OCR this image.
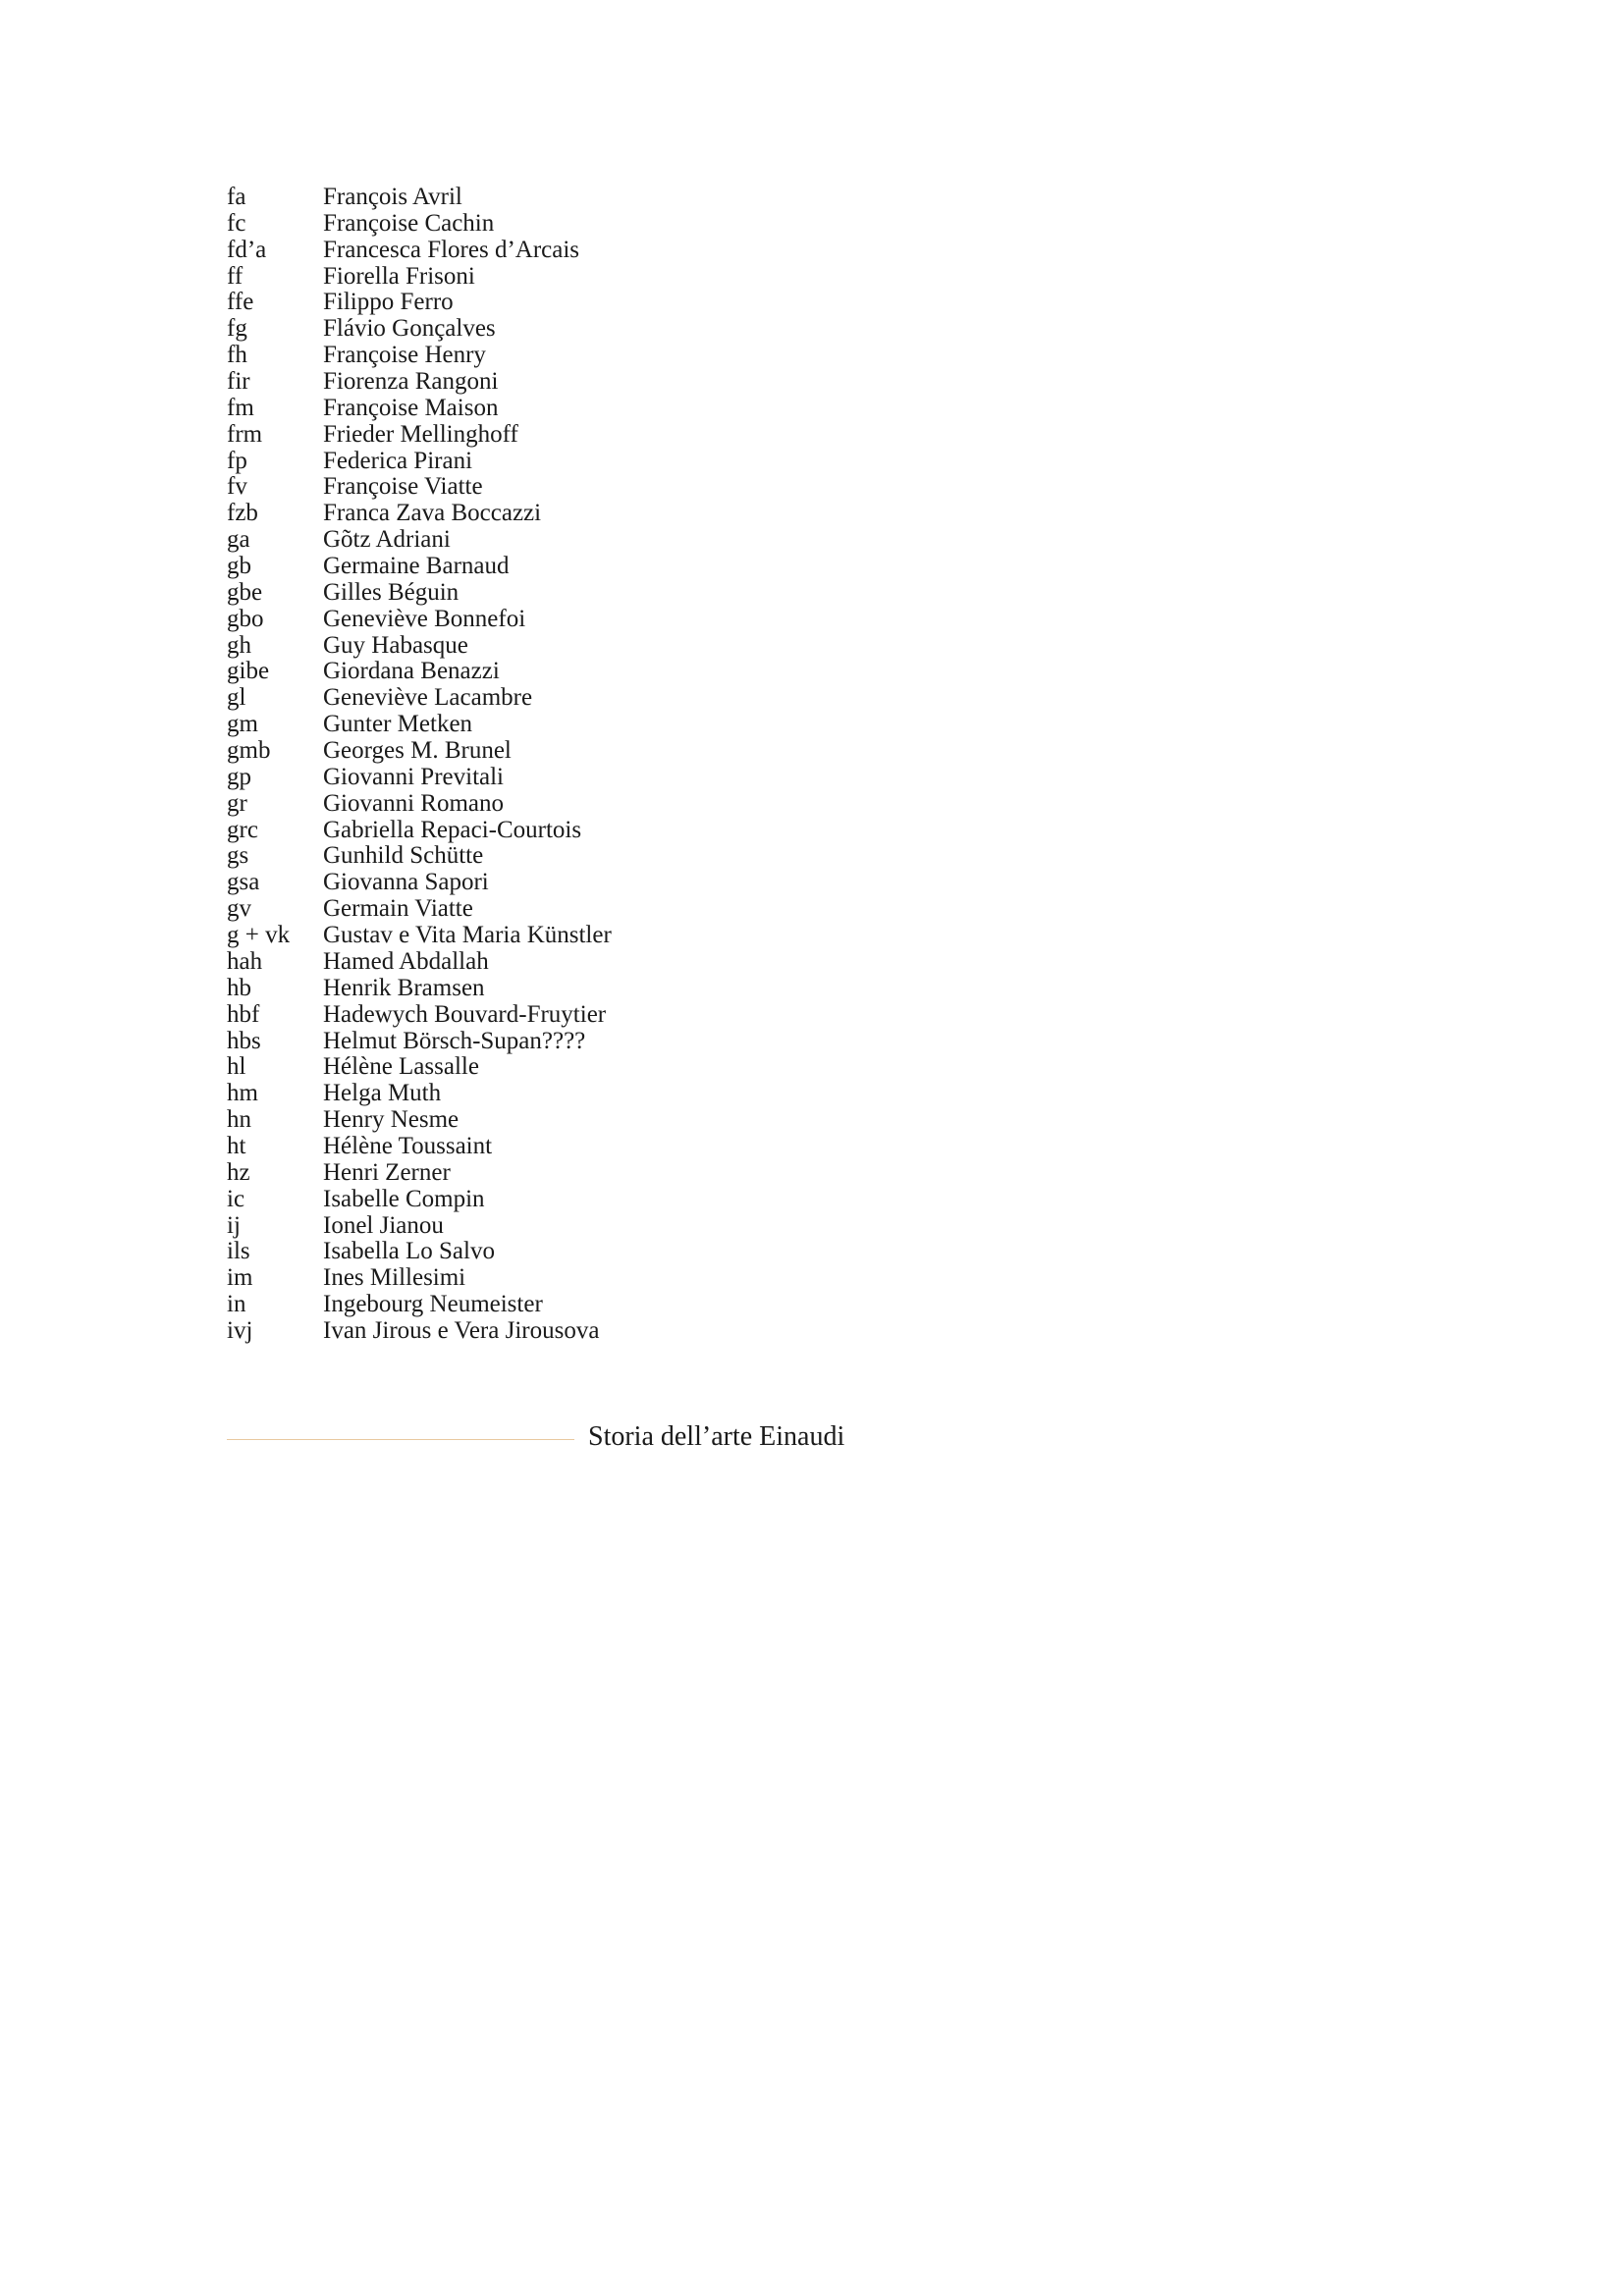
fa	François Avril
fc	Françoise Cachin
fd’a	Francesca Flores d’Arcais
ff	Fiorella Frisoni
ffe	Filippo Ferro
fg	Flávio Gonçalves
fh	Françoise Henry
fir	Fiorenza Rangoni
fm	Françoise Maison
frm	Frieder Mellinghoff
fp	Federica Pirani
fv	Françoise Viatte
fzb	Franca Zava Boccazzi
ga	Gõtz Adriani
gb	Germaine Barnaud
gbe	Gilles Béguin
gbo	Geneviève Bonnefoi
gh	Guy Habasque
gibe	Giordana Benazzi
gl	Geneviève Lacambre
gm	Gunter Metken
gmb	Georges M. Brunel
gp	Giovanni Previtali
gr	Giovanni Romano
grc	Gabriella Repaci-Courtois
gs	Gunhild Schütte
gsa	Giovanna Sapori
gv	Germain Viatte
g + vk	Gustav e Vita Maria Künstler
hah	Hamed Abdallah
hb	Henrik Bramsen
hbf	Hadewych Bouvard-Fruytier
hbs	Helmut Börsch-Supan????
hl	Hélène Lassalle
hm	Helga Muth
hn	Henry Nesme
ht	Hélène Toussaint
hz	Henri Zerner
ic	Isabelle Compin
ij	Ionel Jianou
ils	Isabella Lo Salvo
im	Ines Millesimi
in	Ingebourg Neumeister
ivj	Ivan Jirous e Vera Jirousova
Storia dell’arte Einaudi
